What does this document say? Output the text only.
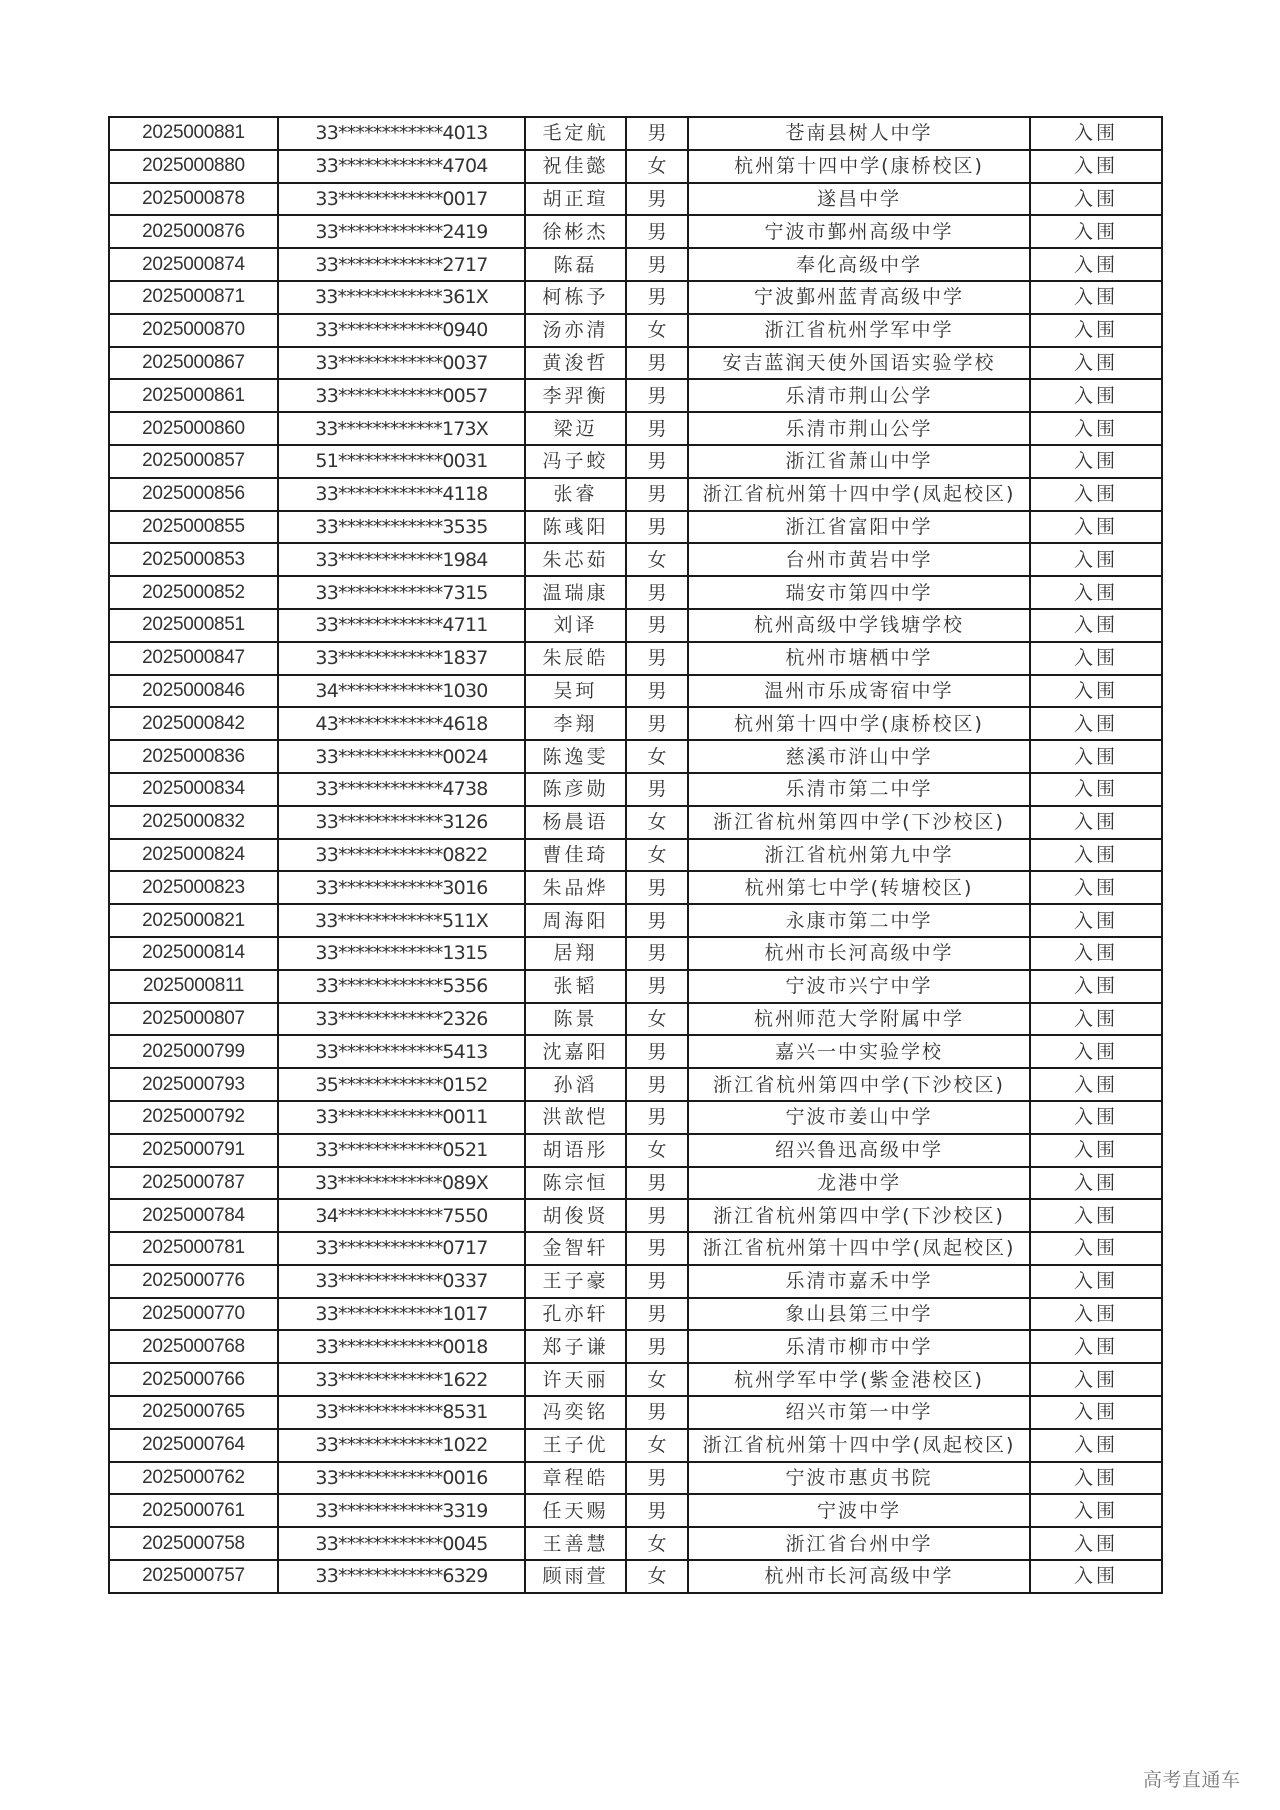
2025000881	33************4013	毛定航	男	苍南县树人中学	入围
2025000880	33************4704	祝佳懿	女	杭州第十四中学(康桥校区)	入围
2025000878	33************0017	胡正瑄	男	遂昌中学	入围
2025000876	33************2419	徐彬杰	男	宁波市鄞州高级中学	入围
2025000874	33************2717	陈磊	男	奉化高级中学	入围
2025000871	33************361X	柯栋予	男	宁波鄞州蓝青高级中学	入围
2025000870	33************0940	汤亦清	女	浙江省杭州学军中学	入围
2025000867	33************0037	黄浚哲	男	安吉蓝润天使外国语实验学校	入围
2025000861	33************0057	李羿衡	男	乐清市荆山公学	入围
2025000860	33************173X	梁迈	男	乐清市荆山公学	入围
2025000857	51************0031	冯子蛟	男	浙江省萧山中学	入围
2025000856	33************4118	张睿	男	浙江省杭州第十四中学(凤起校区)	入围
2025000855	33************3535	陈彧阳	男	浙江省富阳中学	入围
2025000853	33************1984	朱芯茹	女	台州市黄岩中学	入围
2025000852	33************7315	温瑞康	男	瑞安市第四中学	入围
2025000851	33************4711	刘译	男	杭州高级中学钱塘学校	入围
2025000847	33************1837	朱辰皓	男	杭州市塘栖中学	入围
2025000846	34************1030	吴珂	男	温州市乐成寄宿中学	入围
2025000842	43************4618	李翔	男	杭州第十四中学(康桥校区)	入围
2025000836	33************0024	陈逸雯	女	慈溪市浒山中学	入围
2025000834	33************4738	陈彦勋	男	乐清市第二中学	入围
2025000832	33************3126	杨晨语	女	浙江省杭州第四中学(下沙校区)	入围
2025000824	33************0822	曹佳琦	女	浙江省杭州第九中学	入围
2025000823	33************3016	朱品烨	男	杭州第七中学(转塘校区)	入围
2025000821	33************511X	周海阳	男	永康市第二中学	入围
2025000814	33************1315	居翔	男	杭州市长河高级中学	入围
2025000811	33************5356	张韬	男	宁波市兴宁中学	入围
2025000807	33************2326	陈景	女	杭州师范大学附属中学	入围
2025000799	33************5413	沈嘉阳	男	嘉兴一中实验学校	入围
2025000793	35************0152	孙滔	男	浙江省杭州第四中学(下沙校区)	入围
2025000792	33************0011	洪歆恺	男	宁波市姜山中学	入围
2025000791	33************0521	胡语彤	女	绍兴鲁迅高级中学	入围
2025000787	33************089X	陈宗恒	男	龙港中学	入围
2025000784	34************7550	胡俊贤	男	浙江省杭州第四中学(下沙校区)	入围
2025000781	33************0717	金智轩	男	浙江省杭州第十四中学(凤起校区)	入围
2025000776	33************0337	王子豪	男	乐清市嘉禾中学	入围
2025000770	33************1017	孔亦轩	男	象山县第三中学	入围
2025000768	33************0018	郑子谦	男	乐清市柳市中学	入围
2025000766	33************1622	许天丽	女	杭州学军中学(紫金港校区)	入围
2025000765	33************8531	冯奕铭	男	绍兴市第一中学	入围
2025000764	33************1022	王子优	女	浙江省杭州第十四中学(凤起校区)	入围
2025000762	33************0016	章程皓	男	宁波市惠贞书院	入围
2025000761	33************3319	任天赐	男	宁波中学	入围
2025000758	33************0045	王善慧	女	浙江省台州中学	入围
2025000757	33************6329	顾雨萱	女	杭州市长河高级中学	入围
高考直通车
